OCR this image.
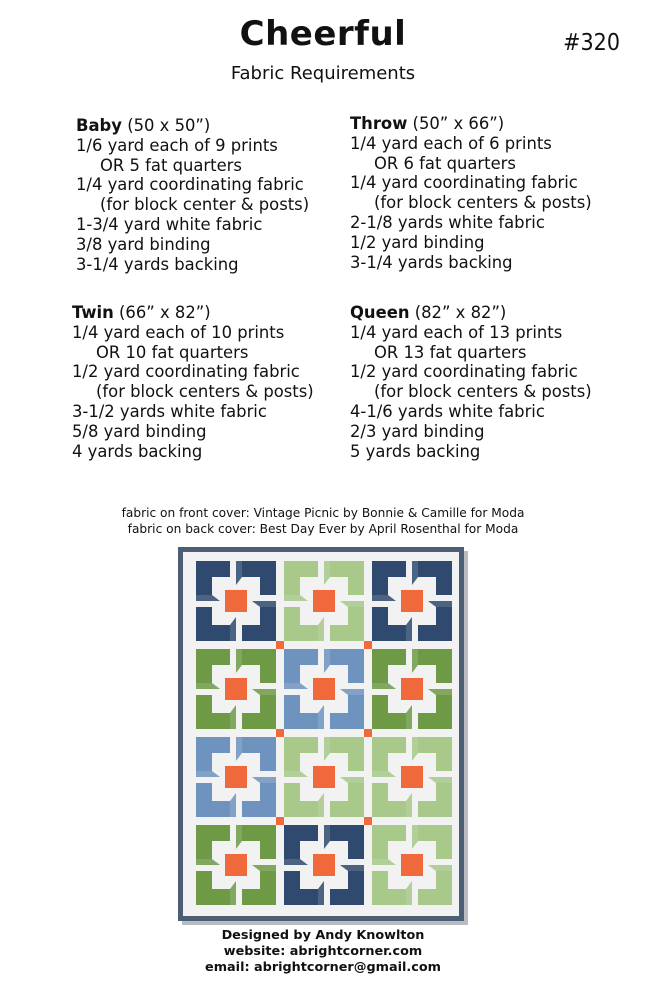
Cheerful	#320
Fabric Requirements
Baby (50 x 50”)
1/6 yard each of 9 prints
OR 5 fat quarters
1/4 yard coordinating fabric
(for block center & posts)
1-3/4 yard white fabric
3/8 yard binding
3-1/4 yards backing
Throw (50” x 66”)
1/4 yard each of 6 prints
OR 6 fat quarters
1/4 yard coordinating fabric
(for block centers & posts)
2-1/8 yards white fabric
1/2 yard binding
3-1/4 yards backing
Twin (66” x 82”)
1/4 yard each of 10 prints
OR 10 fat quarters
1/2 yard coordinating fabric
(for block centers & posts)
3-1/2 yards white fabric
5/8 yard binding
4 yards backing
Queen (82” x 82”)
1/4 yard each of 13 prints
OR 13 fat quarters
1/2 yard coordinating fabric
(for block centers & posts)
4-1/6 yards white fabric
2/3 yard binding
5 yards backing
fabric on front cover: Vintage Picnic by Bonnie & Camille for Moda
fabric on back cover: Best Day Ever by April Rosenthal for Moda
Designed by Andy Knowlton
website: abrightcorner.com
email: abrightcorner@gmail.com
